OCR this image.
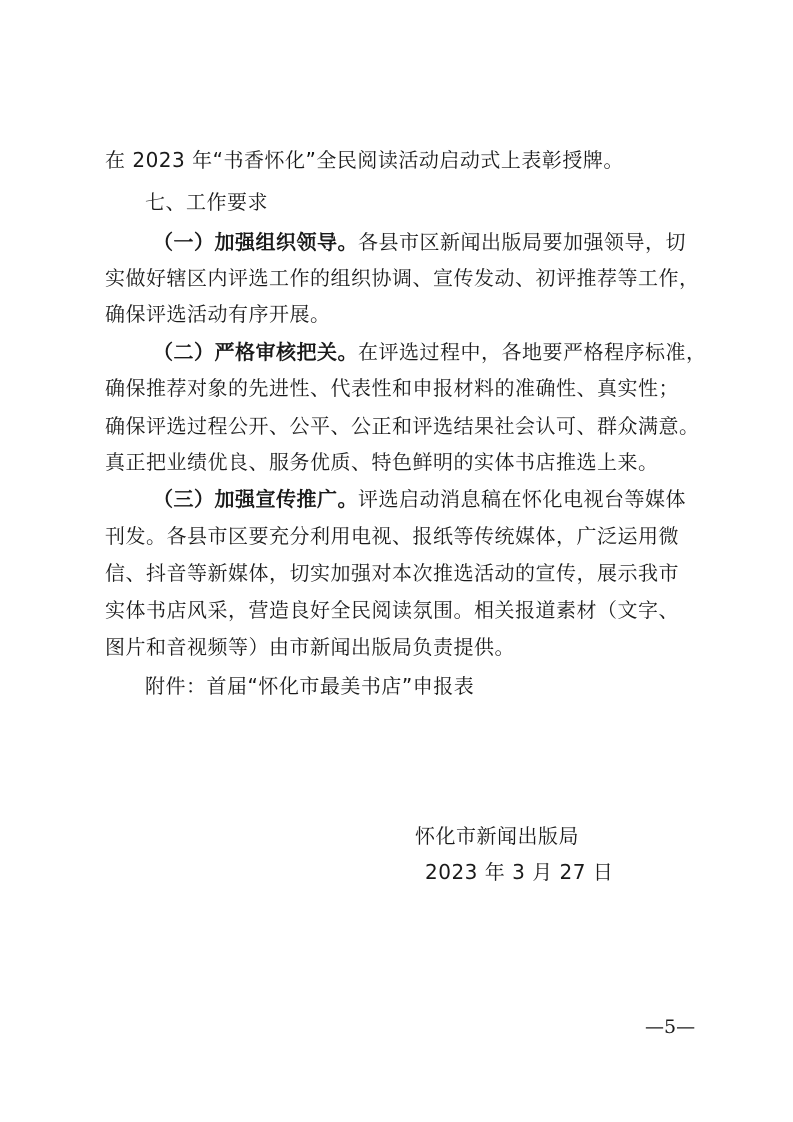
在 2023 年“书香怀化”全民阅读活动启动式上表彰授牌。
七、工作要求
（一）加强组织领导。各县市区新闻出版局要加强领导，切
实做好辖区内评选工作的组织协调、宣传发动、初评推荐等工作，
确保评选活动有序开展。
（二）严格审核把关。在评选过程中，各地要严格程序标准，
确保推荐对象的先进性、代表性和申报材料的准确性、真实性；
确保评选过程公开、公平、公正和评选结果社会认可、群众满意。
真正把业绩优良、服务优质、特色鲜明的实体书店推选上来。
（三）加强宣传推广。评选启动消息稿在怀化电视台等媒体
刊发。各县市区要充分利用电视、报纸等传统媒体，广泛运用微
信、抖音等新媒体，切实加强对本次推选活动的宣传，展示我市
实体书店风采，营造良好全民阅读氛围。相关报道素材（文字、
图片和音视频等）由市新闻出版局负责提供。
附件：首届“怀化市最美书店”申报表
怀化市新闻出版局
2023 年 3 月 27 日
—5—
